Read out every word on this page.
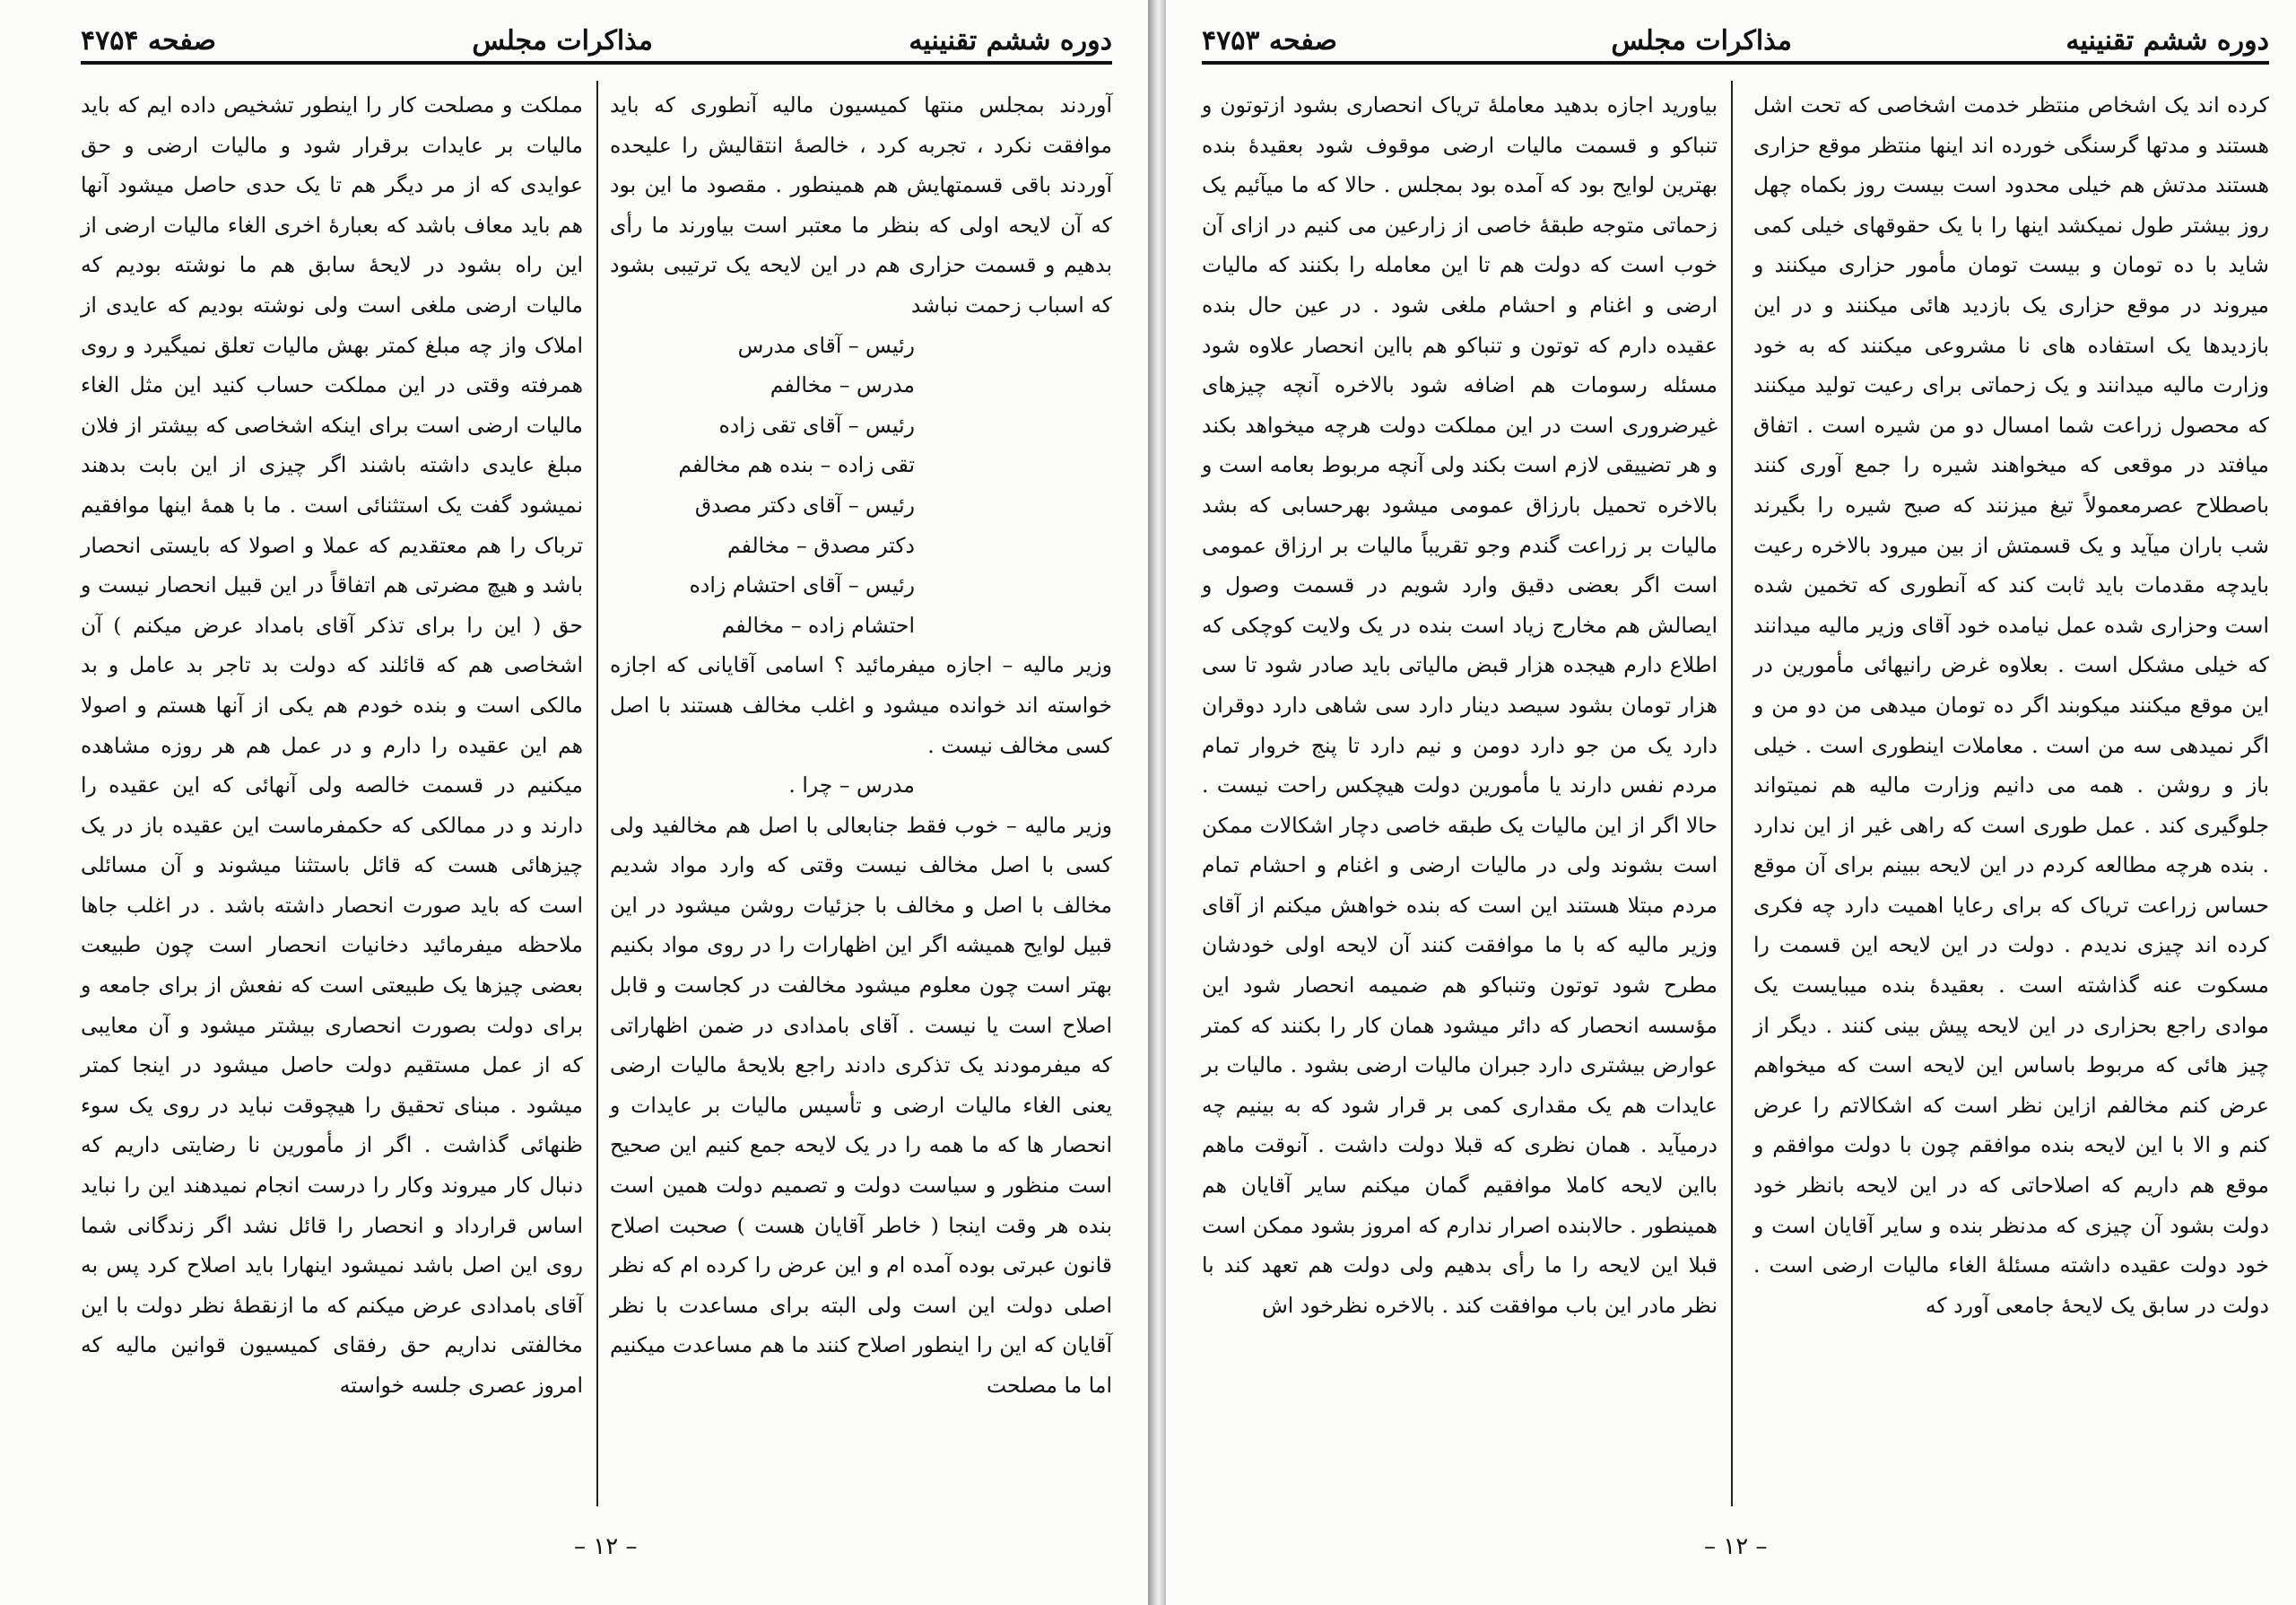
دوره ششم تقنینیه
مذاکرات مجلس
صفحه ۴۷۵۴

آوردند بمجلس منتها کمیسیون مالیه آنطوری که باید موافقت نکرد ، تجربه کرد ، خالصهٔ انتقالیش را علیحده آوردند باقی قسمتهایش هم همینطور . مقصود ما این بود که آن لایحه اولی که بنظر ما معتبر است بیاورند ما رأی بدهیم و قسمت حزاری هم در این لایحه یک ترتیبی بشود که اسباب زحمت نباشد

رئیس – آقای مدرس
مدرس – مخالفم
رئیس – آقای تقی زاده
تقی زاده – بنده هم مخالفم
رئیس – آقای دکتر مصدق
دکتر مصدق – مخالفم
رئیس – آقای احتشام زاده
احتشام زاده – مخالفم

وزیر مالیه – اجازه میفرمائید ؟ اسامی آقایانی که اجازه خواسته اند خوانده میشود و اغلب مخالف هستند با اصل کسی مخالف نیست .

مدرس – چرا .

وزیر مالیه – خوب فقط جنابعالی با اصل هم مخالفید ولی کسی با اصل مخالف نیست وقتی که وارد مواد شدیم مخالف با اصل و مخالف با جزئیات روشن میشود در این قبیل لوایح همیشه اگر این اظهارات را در روی مواد بکنیم بهتر است چون معلوم میشود مخالفت در کجاست و قابل اصلاح است یا نیست . آقای بامدادی در ضمن اظهاراتی که میفرمودند یک تذکری دادند راجع بلایحهٔ مالیات ارضی یعنی الغاء مالیات ارضی و تأسیس مالیات بر عایدات و انحصار ها که ما همه را در یک لایحه جمع کنیم این صحیح است منظور و سیاست دولت و تصمیم دولت همین است بنده هر وقت اینجا ( خاطر آقایان هست ) صحبت اصلاح قانون عبرتی بوده آمده ام و این عرض را کرده ام که نظر اصلی دولت این است ولی البته برای مساعدت با نظر آقایان که این را اینطور اصلاح کنند ما هم مساعدت میکنیم اما ما مصلحت

مملکت و مصلحت کار را اینطور تشخیص داده ایم که باید مالیات بر عایدات برقرار شود و مالیات ارضی و حق عوایدی که از مر دیگر هم تا یک حدی حاصل میشود آنها هم باید معاف باشد که بعبارهٔ اخری الغاء مالیات ارضی از این راه بشود در لایحهٔ سابق هم ما نوشته بودیم که مالیات ارضی ملغی است ولی نوشته بودیم که عایدی از املاک واز چه مبلغ کمتر بهش مالیات تعلق نمیگیرد و روی همرفته وقتی در این مملکت حساب کنید این مثل الغاء مالیات ارضی است برای اینکه اشخاصی که بیشتر از فلان مبلغ عایدی داشته باشند اگر چیزی از این بابت بدهند نمیشود گفت یک استثنائی است . ما با همهٔ اینها موافقیم ترباک را هم معتقدیم که عملا و اصولا که بایستی انحصار باشد و هیچ مضرتی هم اتفاقاً در این قبیل انحصار نیست و حق ( این را برای تذکر آقای بامداد عرض میکنم ) آن اشخاصی هم که قائلند که دولت بد تاجر بد عامل و بد مالکی است و بنده خودم هم یکی از آنها هستم و اصولا هم این عقیده را دارم و در عمل هم هر روزه مشاهده میکنیم در قسمت خالصه ولی آنهائی که این عقیده را دارند و در ممالکی که حکمفرماست این عقیده باز در یک چیزهائی هست که قائل باستثنا میشوند و آن مسائلی است که باید صورت انحصار داشته باشد . در اغلب جاها ملاحظه میفرمائید دخانیات انحصار است چون طبیعت بعضی چیزها یک طبیعتی است که نفعش از برای جامعه و برای دولت بصورت انحصاری بیشتر میشود و آن معایبی که از عمل مستقیم دولت حاصل میشود در اینجا کمتر میشود . مبنای تحقیق را هیچوقت نباید در روی یک سوء ظنهائی گذاشت . اگر از مأمورین نا رضایتی داریم که دنبال کار میروند وکار را درست انجام نمیدهند این را نباید اساس قرارداد و انحصار را قائل نشد اگر زندگانی شما روی این اصل باشد نمیشود اینهارا باید اصلاح کرد پس به آقای بامدادی عرض میکنم که ما ازنقطهٔ نظر دولت با این مخالفتی نداریم حق رفقای کمیسیون قوانین مالیه که امروز عصری جلسه خواسته

– ۱۲ –
دوره ششم تقنینیه
مذاکرات مجلس
صفحه ۴۷۵۳

کرده اند یک اشخاص منتظر خدمت اشخاصی که تحت اشل هستند و مدتها گرسنگی خورده اند اینها منتظر موقع حزاری هستند مدتش هم خیلی محدود است بیست روز بکماه چهل روز بیشتر طول نمیکشد اینها را با یک حقوقهای خیلی کمی شاید با ده تومان و بیست تومان مأمور حزاری میکنند و میروند در موقع حزاری یک بازدید هائی میکنند و در این بازدیدها یک استفاده های نا مشروعی میکنند که به خود وزارت مالیه میدانند و یک زحماتی برای رعیت تولید میکنند که محصول زراعت شما امسال دو من شیره است . اتفاق میافتد در موقعی که میخواهند شیره را جمع آوری کنند باصطلاح عصرمعمولاً تیغ میزنند که صبح شیره را بگیرند شب باران میآید و یک قسمتش از بین میرود بالاخره رعیت بایدچه مقدمات باید ثابت کند که آنطوری که تخمین شده است وحزاری شده عمل نیامده خود آقای وزیر مالیه میدانند که خیلی مشکل است . بعلاوه غرض رانیهائی مأمورین در این موقع میکنند میکوبند اگر ده تومان میدهی من دو من و اگر نمیدهی سه من است . معاملات اینطوری است . خیلی باز و روشن . همه می دانیم وزارت مالیه هم نمیتواند جلوگیری کند . عمل طوری است که راهی غیر از این ندارد . بنده هرچه مطالعه کردم در این لایحه ببینم برای آن موقع حساس زراعت تریاک که برای رعایا اهمیت دارد چه فکری کرده اند چیزی ندیدم . دولت در این لایحه این قسمت را مسکوت عنه گذاشته است . بعقیدهٔ بنده میبایست یک موادی راجع بحزاری در این لایحه پیش بینی کنند . دیگر از چیز هائی که مربوط باساس این لایحه است که میخواهم عرض کنم مخالفم ازاین نظر است که اشکالاتم را عرض کنم و الا با این لایحه بنده موافقم چون با دولت موافقم و موقع هم داریم که اصلاحاتی که در این لایحه بانظر خود دولت بشود آن چیزی که مدنظر بنده و سایر آقایان است و خود دولت عقیده داشته مسئلهٔ الغاء مالیات ارضی است . دولت در سابق یک لایحهٔ جامعی آورد که

بیاورید اجازه بدهید معاملهٔ تریاک انحصاری بشود ازتوتون و تنباکو و قسمت مالیات ارضی موقوف شود بعقیدهٔ بنده بهترین لوایح بود که آمده بود بمجلس . حالا که ما میآئیم یک زحماتی متوجه طبقهٔ خاصی از زارعین می کنیم در ازای آن خوب است که دولت هم تا این معامله را بکنند که مالیات ارضی و اغنام و احشام ملغی شود . در عین حال بنده عقیده دارم که توتون و تنباکو هم بااین انحصار علاوه شود مسئله رسومات هم اضافه شود بالاخره آنچه چیزهای غیرضروری است در این مملکت دولت هرچه میخواهد بکند و هر تضییقی لازم است بکند ولی آنچه مربوط بعامه است و بالاخره تحمیل بارزاق عمومی میشود بهرحسابی که بشد مالیات بر زراعت گندم وجو تقریباً مالیات بر ارزاق عمومی است اگر بعضی دقیق وارد شویم در قسمت وصول و ایصالش هم مخارج زیاد است بنده در یک ولایت کوچکی که اطلاع دارم هیجده هزار قبض مالیاتی باید صادر شود تا سی هزار تومان بشود سیصد دینار دارد سی شاهی دارد دوقران دارد یک من جو دارد دومن و نیم دارد تا پنج خروار تمام مردم نفس دارند یا مأمورین دولت هیچکس راحت نیست . حالا اگر از این مالیات یک طبقه خاصی دچار اشکالات ممکن است بشوند ولی در مالیات ارضی و اغنام و احشام تمام مردم مبتلا هستند این است که بنده خواهش میکنم از آقای وزیر مالیه که با ما موافقت کنند آن لایحه اولی خودشان مطرح شود توتون وتنباکو هم ضمیمه انحصار شود این مؤسسه انحصار که دائر میشود همان کار را بکنند که کمتر عوارض بیشتری دارد جبران مالیات ارضی بشود . مالیات بر عایدات هم یک مقداری کمی بر قرار شود که به بینیم چه درمیآید . همان نظری که قبلا دولت داشت . آنوقت ماهم بااین لایحه کاملا موافقیم گمان میکنم سایر آقایان هم همینطور . حالابنده اصرار ندارم که امروز بشود ممکن است قبلا این لایحه را ما رأی بدهیم ولی دولت هم تعهد کند با نظر مادر این باب موافقت کند . بالاخره نظرخود اش

– ۱۲ –
